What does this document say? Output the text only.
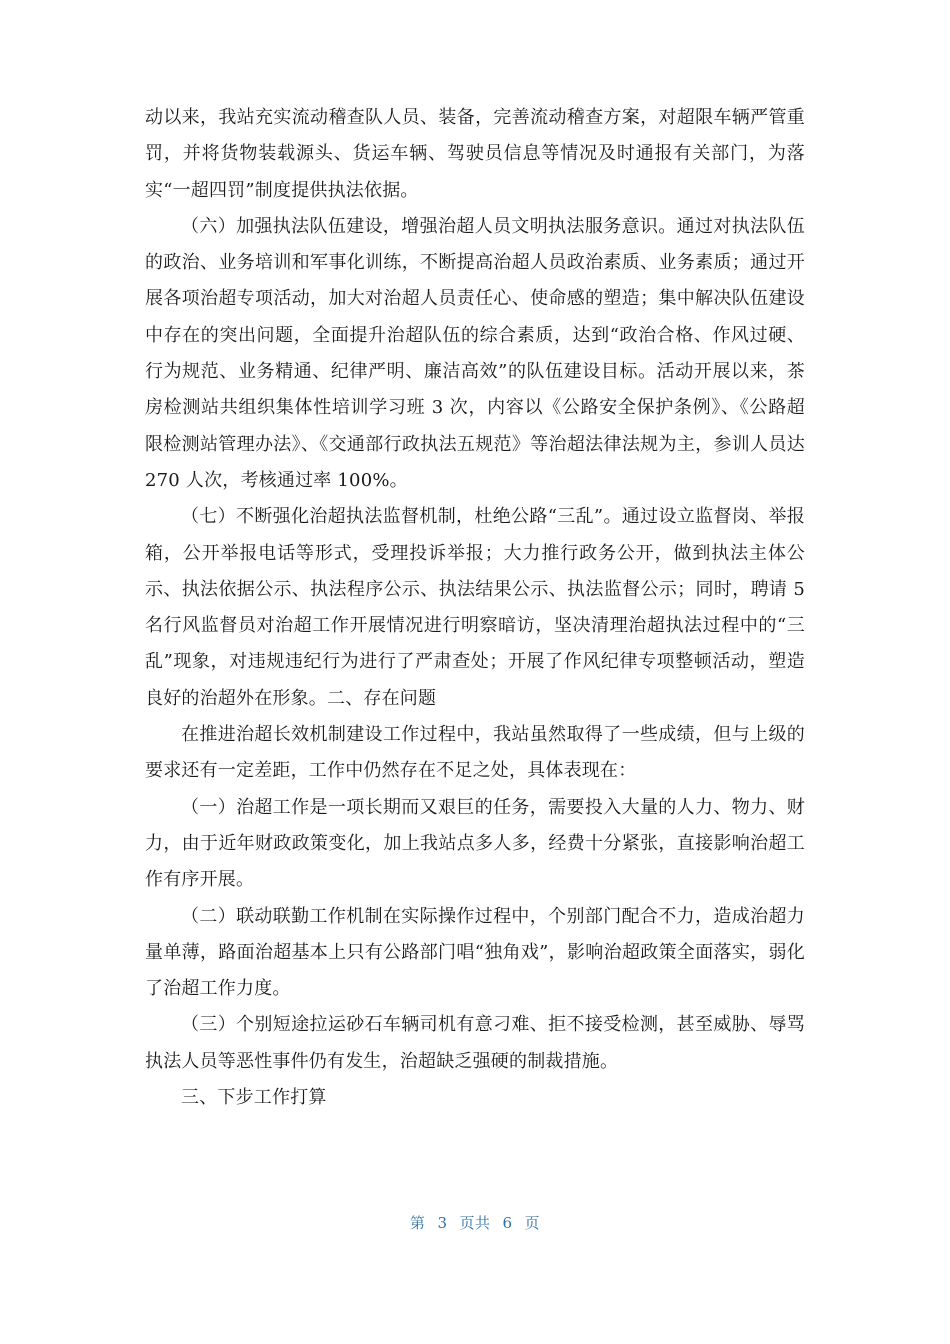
动以来，我站充实流动稽查队人员、装备，完善流动稽查方案，对超限车辆严管重罚，并将货物装载源头、货运车辆、驾驶员信息等情况及时通报有关部门，为落实“一超四罚”制度提供执法依据。

（六）加强执法队伍建设，增强治超人员文明执法服务意识。通过对执法队伍的政治、业务培训和军事化训练，不断提高治超人员政治素质、业务素质；通过开展各项治超专项活动，加大对治超人员责任心、使命感的塑造；集中解决队伍建设中存在的突出问题，全面提升治超队伍的综合素质，达到“政治合格、作风过硬、行为规范、业务精通、纪律严明、廉洁高效”的队伍建设目标。活动开展以来，茶房检测站共组织集体性培训学习班 3 次，内容以《公路安全保护条例》、《公路超限检测站管理办法》、《交通部行政执法五规范》等治超法律法规为主，参训人员达 270 人次，考核通过率 100%。

（七）不断强化治超执法监督机制，杜绝公路“三乱”。通过设立监督岗、举报箱，公开举报电话等形式，受理投诉举报；大力推行政务公开，做到执法主体公示、执法依据公示、执法程序公示、执法结果公示、执法监督公示；同时，聘请 5 名行风监督员对治超工作开展情况进行明察暗访，坚决清理治超执法过程中的“三乱”现象，对违规违纪行为进行了严肃查处；开展了作风纪律专项整顿活动，塑造良好的治超外在形象。二、存在问题

在推进治超长效机制建设工作过程中，我站虽然取得了一些成绩，但与上级的要求还有一定差距，工作中仍然存在不足之处，具体表现在：

（一）治超工作是一项长期而又艰巨的任务，需要投入大量的人力、物力、财力，由于近年财政政策变化，加上我站点多人多，经费十分紧张，直接影响治超工作有序开展。

（二）联动联勤工作机制在实际操作过程中，个别部门配合不力，造成治超力量单薄，路面治超基本上只有公路部门唱“独角戏”，影响治超政策全面落实，弱化了治超工作力度。

（三）个别短途拉运砂石车辆司机有意刁难、拒不接受检测，甚至威胁、辱骂执法人员等恶性事件仍有发生，治超缺乏强硬的制裁措施。

三、下步工作打算

第 3 页共 6 页
